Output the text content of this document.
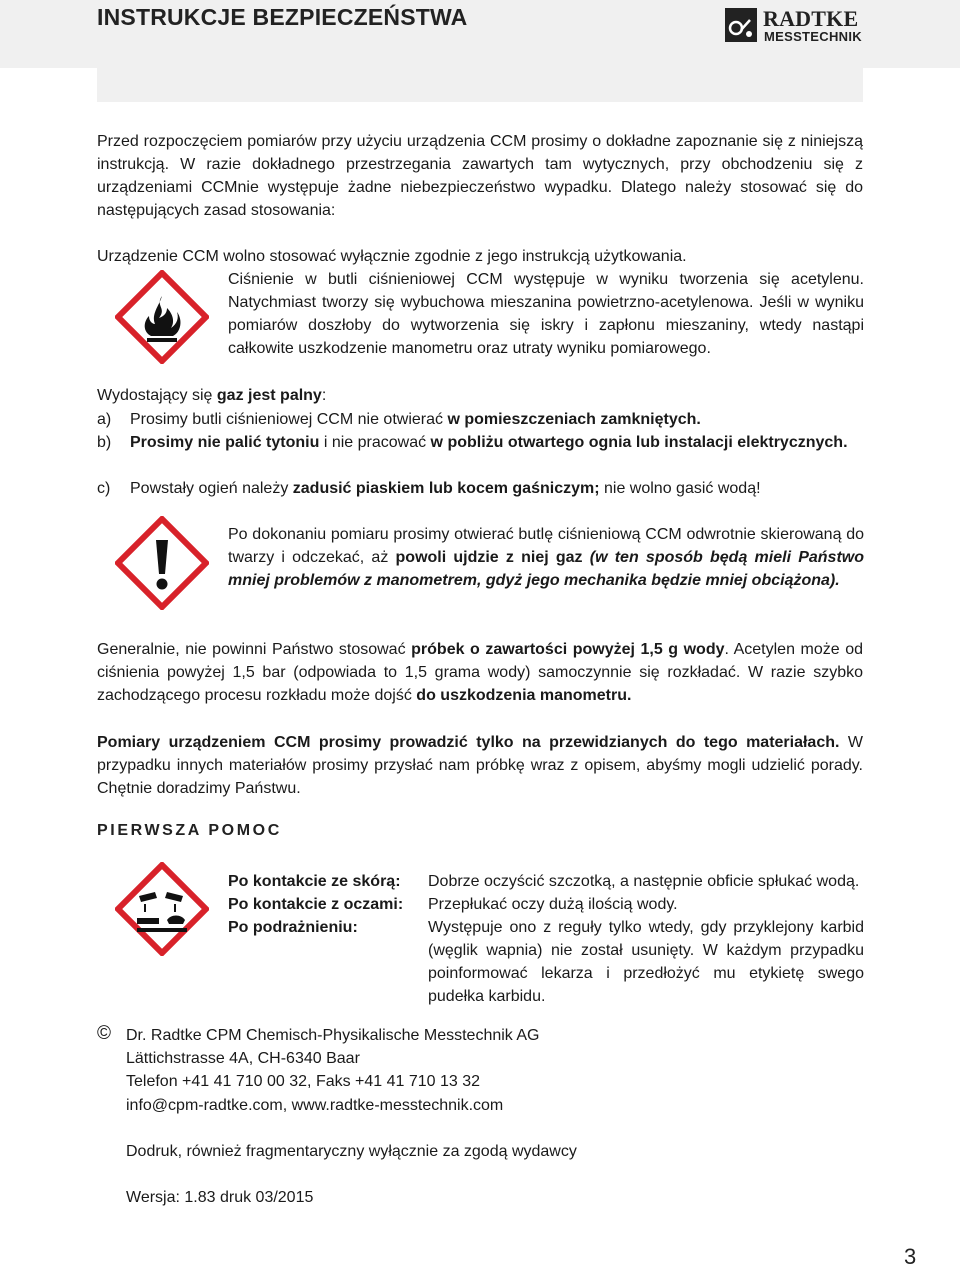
INSTRUKCJE BEZPIECZEŃSTWA	RADTKE
MESSTECHNIK
Przed rozpoczęciem pomiarów przy użyciu urządzenia CCM prosimy o dokładne zapoznanie się z niniejszą instrukcją. W razie dokładnego przestrzegania zawartych tam wytycznych, przy obchodzeniu się z urządzeniami CCMnie występuje żadne niebezpieczeństwo wypadku. Dlatego należy stosować się do następujących zasad stosowania:
Urządzenie CCM wolno stosować wyłącznie zgodnie z jego instrukcją użytkowania.
Ciśnienie w butli ciśnieniowej CCM występuje w wyniku tworzenia się acetylenu. Natychmiast tworzy się wybuchowa mieszanina powietrzno-acetylenowa. Jeśli w wyniku pomiarów doszłoby do wytworzenia się iskry i zapłonu mieszaniny, wtedy nastąpi całkowite uszkodzenie manometru oraz utraty wyniku pomiarowego.
Wydostający się gaz jest palny:
a) Prosimy butli ciśnieniowej CCM nie otwierać w pomieszczeniach zamkniętych.
b) Prosimy nie palić tytoniu i nie pracować w pobliżu otwartego ognia lub instalacji elektrycznych.
c) Powstały ogień należy zadusić piaskiem lub kocem gaśniczym; nie wolno gasić wodą!
Po dokonaniu pomiaru prosimy otwierać butlę ciśnieniową CCM odwrotnie skierowaną do twarzy i odczekać, aż powoli ujdzie z niej gaz (w ten sposób będą mieli Państwo mniej problemów z manometrem, gdyż jego mechanika będzie mniej obciążona).
Generalnie, nie powinni Państwo stosować próbek o zawartości powyżej 1,5 g wody. Acetylen może od ciśnienia powyżej 1,5 bar (odpowiada to 1,5 grama wody) samoczynnie się rozkładać. W razie szybko zachodzącego procesu rozkładu może dojść do uszkodzenia manometru.
Pomiary urządzeniem CCM prosimy prowadzić tylko na przewidzianych do tego materiałach. W przypadku innych materiałów prosimy przysłać nam próbkę wraz z opisem, abyśmy mogli udzielić porady. Chętnie doradzimy Państwu.
PIERWSZA POMOC
Po kontakcie ze skórą: Dobrze oczyścić szczotką, a następnie obficie spłukać wodą.
Po kontakcie z oczami: Przepłukać oczy dużą ilością wody.
Po podrażnieniu:	Występuje ono z reguły tylko wtedy, gdy przyklejony karbid (węglik wapnia) nie został usunięty. W każdym przypadku poinformować lekarza i przedłożyć mu etykietę swego pudełka karbidu.
© Dr. Radtke CPM Chemisch-Physikalische Messtechnik AG
Lättichstrasse 4A, CH-6340 Baar
Telefon +41 41 710 00 32, Faks +41 41 710 13 32
info@cpm-radtke.com, www.radtke-messtechnik.com
Dodruk, również fragmentaryczny wyłącznie za zgodą wydawcy
Wersja: 1.83 druk 03/2015
3
